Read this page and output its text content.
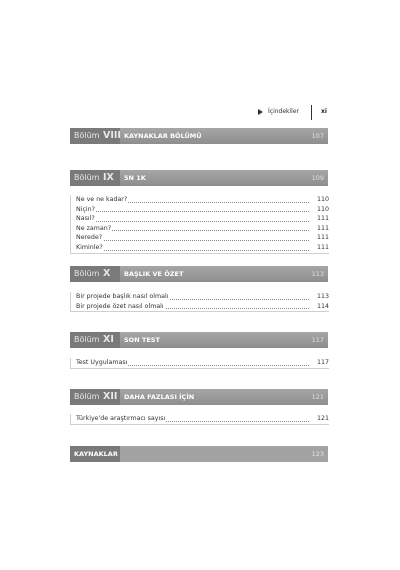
İçindekiler	xi
Bölüm VIII KAYNAKLAR BÖLÜMÜ	107
Bölüm IX 5N 1K	109
Ne ve ne kadar?	110
Niçin?	110
Nasıl?	111
Ne zaman?	111
Nerede?	111
Kiminle?	111
Bölüm X BAŞLIK VE ÖZET	113
Bir projede başlık nasıl olmalı	113
Bir projede özet nasıl olmalı	114
Bölüm XI SON TEST	117
Test Uygulaması	117
Bölüm XII DAHA FAZLASI İÇİN	121
Türkiye'de araştırmacı sayısı	121
KAYNAKLAR	123
